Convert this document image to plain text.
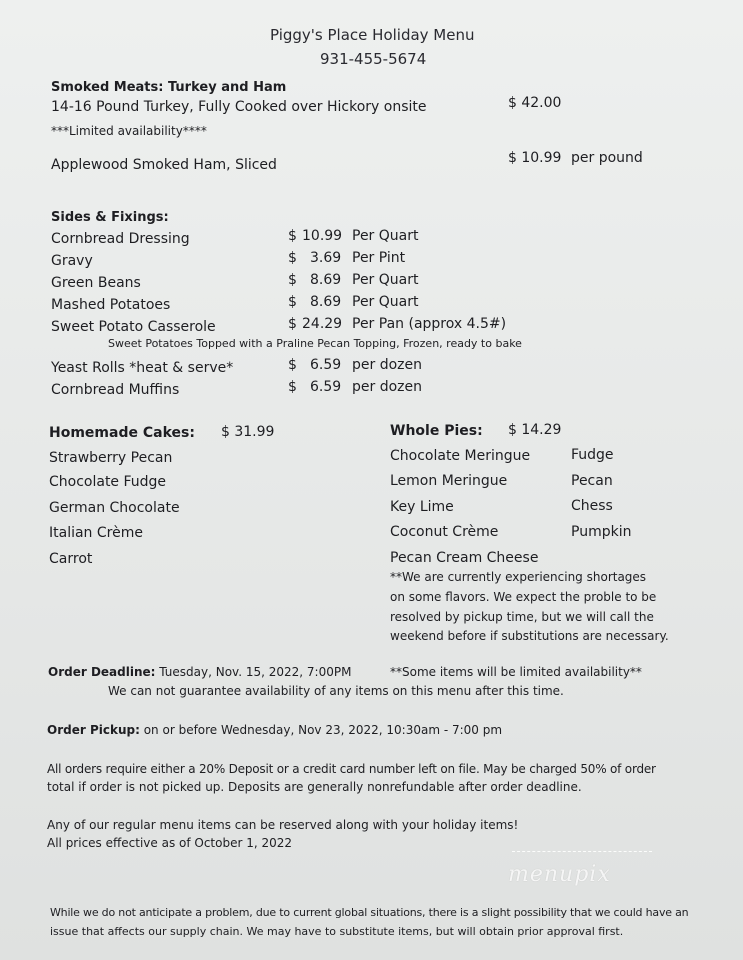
Piggy's Place Holiday Menu
931-455-5674
Smoked Meats: Turkey and Ham
14-16 Pound Turkey, Fully Cooked over Hickory onsite	$ 42.00
***Limited availability****
Applewood Smoked Ham, Sliced	$ 10.99 per pound
Sides & Fixings:
Cornbread Dressing	$ 10.99 Per Quart
Gravy	$ 3.69 Per Pint
Green Beans	$ 8.69 Per Quart
Mashed Potatoes	$ 8.69 Per Quart
Sweet Potato Casserole	$ 24.29 Per Pan (approx 4.5#)
Sweet Potatoes Topped with a Praline Pecan Topping, Frozen, ready to bake
Yeast Rolls *heat & serve*	$ 6.59 per dozen
Cornbread Muffins	$ 6.59 per dozen
Homemade Cakes: $ 31.99
Strawberry Pecan
Chocolate Fudge
German Chocolate
Italian Crème
Carrot
Whole Pies: $ 14.29
Chocolate Meringue
Lemon Meringue
Key Lime
Coconut Crème
Pecan Cream Cheese
Fudge
Pecan
Chess
Pumpkin
**We are currently experiencing shortages
on some flavors. We expect the proble to be
resolved by pickup time, but we will call the
weekend before if substitutions are necessary.
Order Deadline: Tuesday, Nov. 15, 2022, 7:00PM	**Some items will be limited availability**
We can not guarantee availability of any items on this menu after this time.
Order Pickup: on or before Wednesday, Nov 23, 2022, 10:30am - 7:00 pm
All orders require either a 20% Deposit or a credit card number left on file. May be charged 50% of order
total if order is not picked up. Deposits are generally nonrefundable after order deadline.
Any of our regular menu items can be reserved along with your holiday items!
All prices effective as of October 1, 2022
menupix
While we do not anticipate a problem, due to current global situations, there is a slight possibility that we could have an
issue that affects our supply chain. We may have to substitute items, but will obtain prior approval first.
